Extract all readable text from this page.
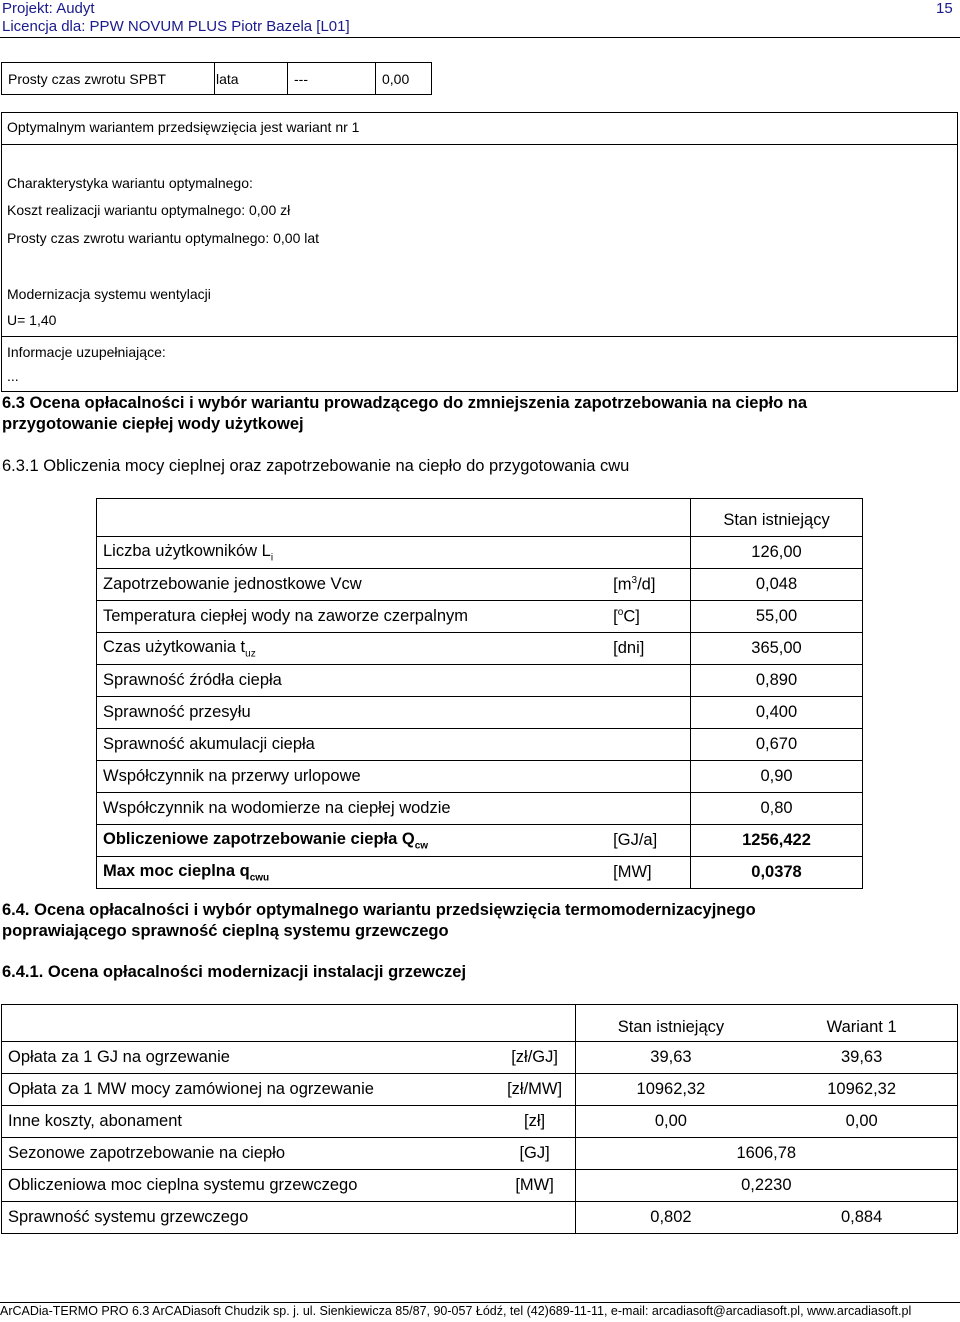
Projekt: Audyt
Licencja dla: PPW NOVUM PLUS Piotr Bazela [L01]
15
Prosty czas zwrotu SPBT	lata	---	0,00
Optymalnym wariantem przedsięwzięcia jest wariant nr 1
Charakterystyka wariantu optymalnego:
Koszt realizacji wariantu optymalnego: 0,00 zł
Prosty czas zwrotu wariantu optymalnego: 0,00 lat
Modernizacja systemu wentylacji
U= 1,40
Informacje uzupełniające:
...
6.3 Ocena opłacalności i wybór wariantu prowadzącego do zmniejszenia zapotrzebowania na ciepło na
przygotowanie ciepłej wody użytkowej
6.3.1 Obliczenia mocy cieplnej oraz zapotrzebowanie na ciepło do przygotowania cwu
		Stan istniejący
Liczba użytkowników $L_i$		126,00
Zapotrzebowanie jednostkowe Vcw	$[m^3/d]$	0,048
Temperatura ciepłej wody na zaworze czerpalnym	[$^o$C]	55,00
Czas użytkowania $t_{uz}$	[dni]	365,00
Sprawność źródła ciepła		0,890
Sprawność przesyłu		0,400
Sprawność akumulacji ciepła		0,670
Współczynnik na przerwy urlopowe		0,90
Współczynnik na wodomierze na ciepłej wodzie		0,80
Obliczeniowe zapotrzebowanie ciepła $Q_{cw}$	[GJ/a]	1256,422
Max moc cieplna $q_{cwu}$	[MW]	0,0378
6.4. Ocena opłacalności i wybór optymalnego wariantu przedsięwzięcia termomodernizacyjnego
poprawiającego sprawność cieplną systemu grzewczego
6.4.1. Ocena opłacalności modernizacji instalacji grzewczej
		Stan istniejący	Wariant 1
Opłata za 1 GJ na ogrzewanie	[zł/GJ]	39,63	39,63
Opłata za 1 MW mocy zamówionej na ogrzewanie	[zł/MW]	10962,32	10962,32
Inne koszty, abonament	[zł]	0,00	0,00
Sezonowe zapotrzebowanie na ciepło	[GJ]	1606,78	
Obliczeniowa moc cieplna systemu grzewczego	[MW]	0,2230	
Sprawność systemu grzewczego		0,802	0,884
ArCADia-TERMO PRO 6.3 ArCADiasoft Chudzik sp. j. ul. Sienkiewicza 85/87, 90-057 Łódź, tel (42)689-11-11, e-mail: arcadiasoft@arcadiasoft.pl, www.arcadiasoft.pl
